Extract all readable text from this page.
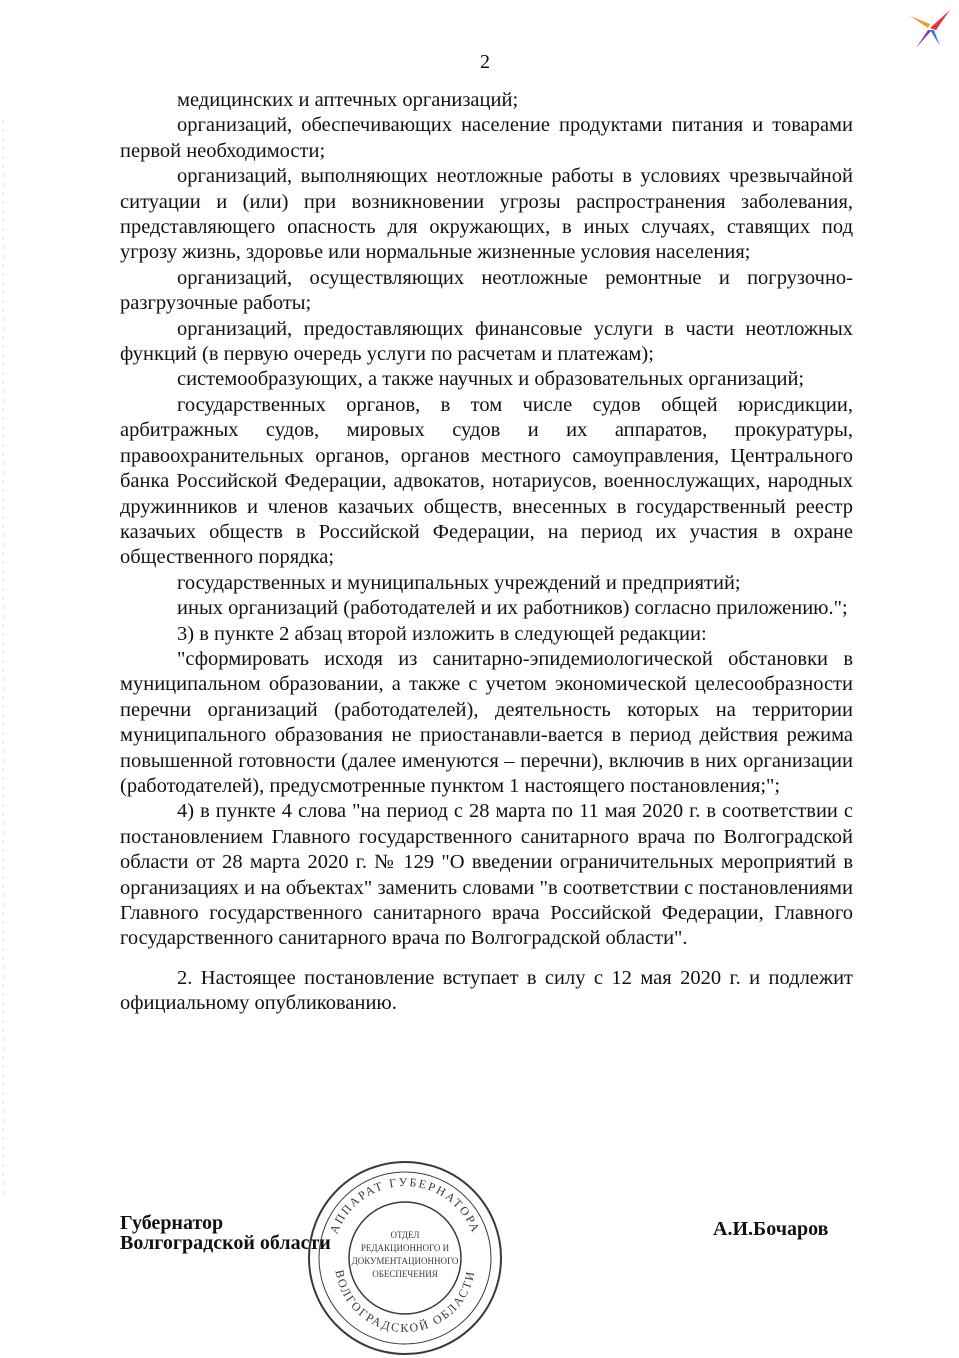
2

медицинских и аптечных организаций;

организаций, обеспечивающих население продуктами питания и товарами первой необходимости;

организаций, выполняющих неотложные работы в условиях чрезвычайной ситуации и (или) при возникновении угрозы распространения заболевания, представляющего опасность для окружающих, в иных случаях, ставящих под угрозу жизнь, здоровье или нормальные жизненные условия населения;

организаций, осуществляющих неотложные ремонтные и погрузочно-разгрузочные работы;

организаций, предоставляющих финансовые услуги в части неотложных функций (в первую очередь услуги по расчетам и платежам);

системообразующих, а также научных и образовательных организаций;

государственных органов, в том числе судов общей юрисдикции, арбитражных судов, мировых судов и их аппаратов, прокуратуры, правоохранительных органов, органов местного самоуправления, Центрального банка Российской Федерации, адвокатов, нотариусов, военнослужащих, народных дружинников и членов казачьих обществ, внесенных в государственный реестр казачьих обществ в Российской Федерации, на период их участия в охране общественного порядка;

государственных и муниципальных учреждений и предприятий;

иных организаций (работодателей и их работников) согласно приложению.";

3) в пункте 2 абзац второй изложить в следующей редакции:

"сформировать исходя из санитарно-эпидемиологической обстановки в муниципальном образовании, а также с учетом экономической целесообразности перечни организаций (работодателей), деятельность которых на территории муниципального образования не приостанавли-вается в период действия режима повышенной готовности (далее именуются – перечни), включив в них организации (работодателей), предусмотренные пунктом 1 настоящего постановления;";

4) в пункте 4 слова "на период с 28 марта по 11 мая 2020 г. в соответствии с постановлением Главного государственного санитарного врача по Волгоградской области от 28 марта 2020 г. № 129 "О введении ограничительных мероприятий в организациях и на объектах" заменить словами "в соответствии с постановлениями Главного государственного санитарного врача Российской Федерации, Главного государственного санитарного врача по Волгоградской области".

2. Настоящее постановление вступает в силу с 12 мая 2020 г. и подлежит официальному опубликованию.

Губернатор
Волгоградской области
А.И.Бочаров
АППАРАТ ГУБЕРНАТОРА
ВОЛГОГРАДСКОЙ ОБЛАСТИ
ОТДЕЛ
РЕДАКЦИОННОГО И
ДОКУМЕНТАЦИОННОГО
ОБЕСПЕЧЕНИЯ
